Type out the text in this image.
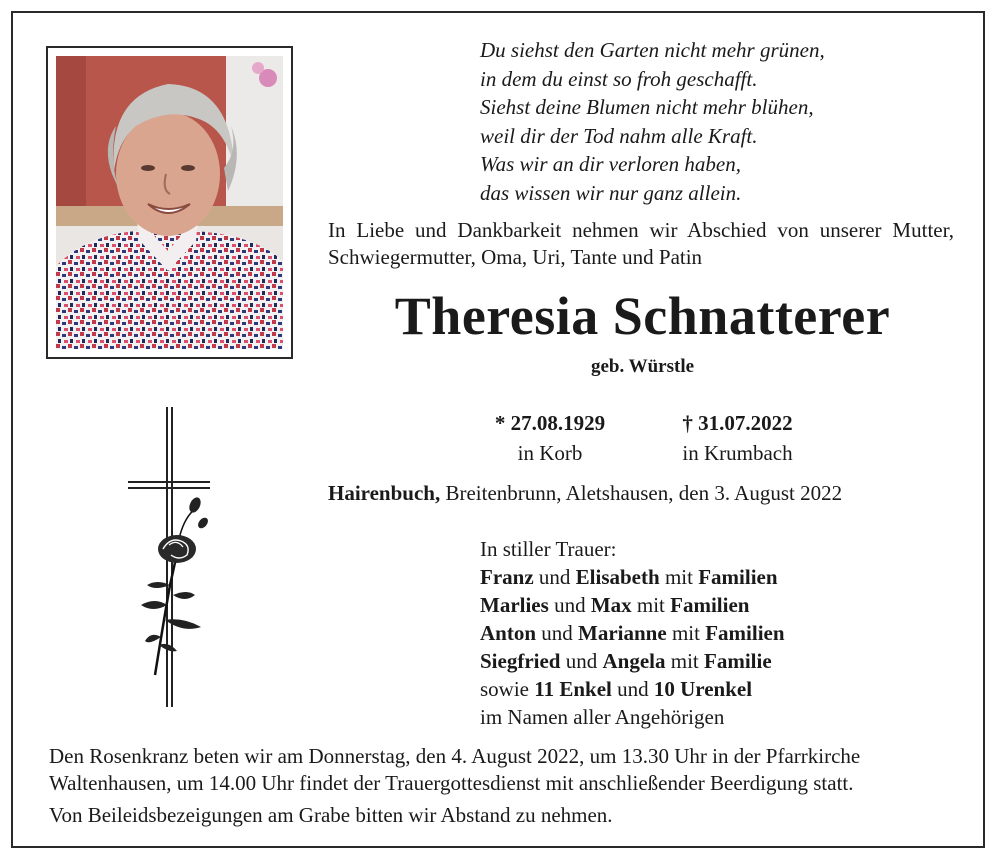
Du siehst den Garten nicht mehr grünen,
in dem du einst so froh geschafft.
Siehst deine Blumen nicht mehr blühen,
weil dir der Tod nahm alle Kraft.
Was wir an dir verloren haben,
das wissen wir nur ganz allein.
In Liebe und Dankbarkeit nehmen wir Abschied von unserer Mutter, Schwiegermutter, Oma, Uri, Tante und Patin
Theresia Schnatterer
geb. Würstle
* 27.08.1929
in Korb
† 31.07.2022
in Krumbach
Hairenbuch, Breitenbrunn, Aletshausen, den 3. August 2022
In stiller Trauer:
Franz und Elisabeth mit Familien
Marlies und Max mit Familien
Anton und Marianne mit Familien
Siegfried und Angela mit Familie
sowie 11 Enkel und 10 Urenkel
im Namen aller Angehörigen
Den Rosenkranz beten wir am Donnerstag, den 4. August 2022, um 13.30 Uhr in der Pfarrkirche Waltenhausen, um 14.00 Uhr findet der Trauergottesdienst mit anschließender Beerdigung statt.
Von Beileidsbezeigungen am Grabe bitten wir Abstand zu nehmen.
